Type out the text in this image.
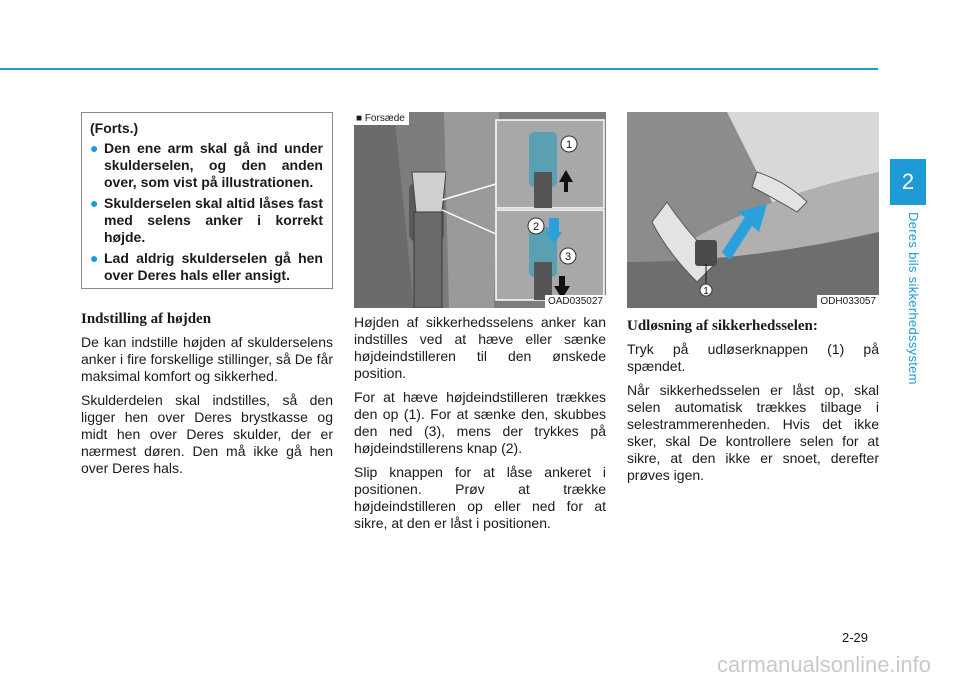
2
Deres bils sikkerhedssystem
(Forts.)
● Den ene arm skal gå ind under skulderselen, og den anden over, som vist på illustrationen.
● Skulderselen skal altid låses fast med selens anker i korrekt højde.
● Lad aldrig skulderselen gå hen over Deres hals eller ansigt.
Indstilling af højden

De kan indstille højden af skulderselens anker i fire forskellige stillinger, så De får maksimal komfort og sikkerhed.

Skulderdelen skal indstilles, så den ligger hen over Deres brystkasse og midt hen over Deres skulder, der er nærmest døren. Den må ikke gå hen over Deres hals.

1
2
3
■ Forsæde
OAD035027

Højden af sikkerhedsselens anker kan indstilles ved at hæve eller sænke højdeindstilleren til den ønskede position.

For at hæve højdeindstilleren trækkes den op (1). For at sænke den, skubbes den ned (3), mens der trykkes på højdeindstillerens knap (2).

Slip knappen for at låse ankeret i positionen. Prøv at trække højdeindstilleren op eller ned for at sikre, at den er låst i positionen.

1
ODH033057
Udløsning af sikkerhedsselen:

Tryk på udløserknappen (1) på spændet.

Når sikkerhedsselen er låst op, skal selen automatisk trækkes tilbage i selestrammerenheden. Hvis det ikke sker, skal De kontrollere selen for at sikre, at den ikke er snoet, derefter prøves igen.

2-29
carmanualsonline.info
